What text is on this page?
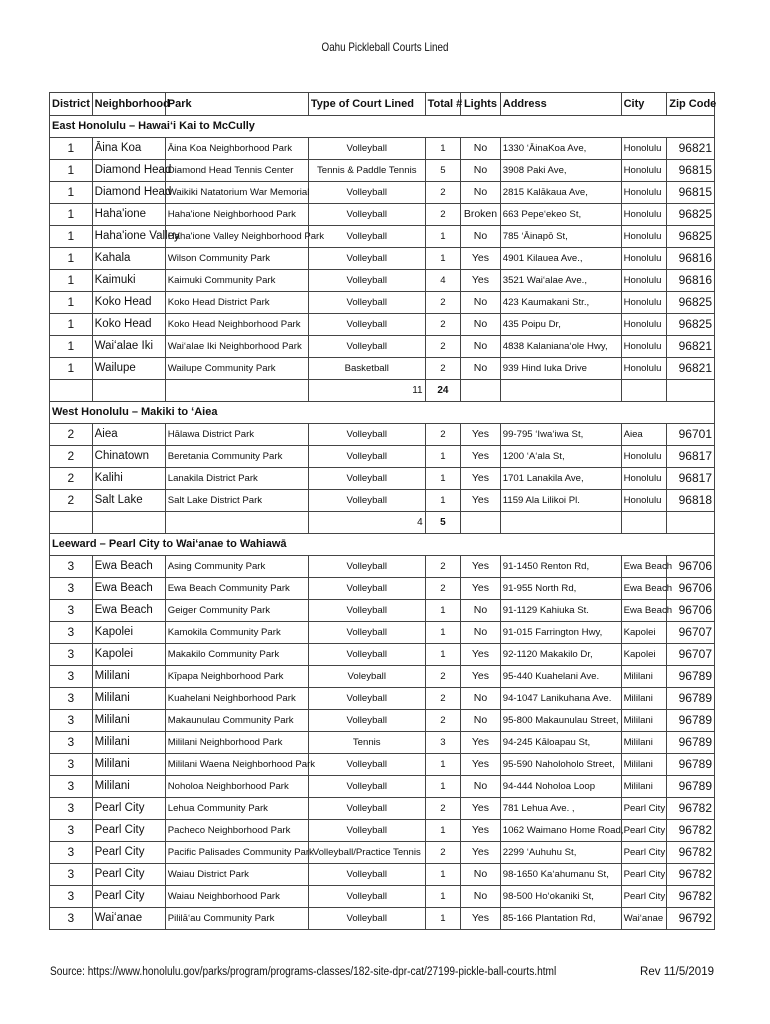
Oahu Pickleball Courts Lined
District	Neighborhood	Park	Type of Court Lined	Total #	Lights	Address	City	Zip Code
East Honolulu – Hawai‘i Kai to McCully								
1	Āina Koa	Āina Koa Neighborhood Park	Volleyball	1	No	1330 ʻĀinaKoa Ave,	Honolulu	96821
1	Diamond Head	Diamond Head Tennis Center	Tennis & Paddle Tennis	5	No	3908 Paki Ave,	Honolulu	96815
1	Diamond Head	Waikiki Natatorium War Memorial	Volleyball	2	No	2815 Kalākaua Ave,	Honolulu	96815
1	Haha'ione	Haha'ione Neighborhood Park	Volleyball	2	Broken	663 Pepeʻekeo St,	Honolulu	96825
1	Haha'ione Valley	Haha'ione Valley Neighborhood Park	Volleyball	1	No	785 ʻĀinapō St,	Honolulu	96825
1	Kahala	Wilson Community Park	Volleyball	1	Yes	4901 Kilauea Ave.,	Honolulu	96816
1	Kaimuki	Kaimuki Community Park	Volleyball	4	Yes	3521 Waiʻalae Ave.,	Honolulu	96816
1	Koko Head	Koko Head District Park	Volleyball	2	No	423 Kaumakani Str.,	Honolulu	96825
1	Koko Head	Koko Head Neighborhood Park	Volleyball	2	No	435 Poipu Dr,	Honolulu	96825
1	Waiʻalae Iki	Waiʻalae Iki Neighborhood Park	Volleyball	2	No	4838 Kalanianaʻole Hwy,	Honolulu	96821
1	Wailupe	Wailupe Community Park	Basketball	2	No	939 Hind Iuka Drive	Honolulu	96821
			11	24				
West Honolulu – Makiki to ʻAiea								
2	Aiea	Hālawa District Park	Volleyball	2	Yes	99-795 ʻIwaʻiwa St,	Aiea	96701
2	Chinatown	Beretania Community Park	Volleyball	1	Yes	1200 ʻAʻala St,	Honolulu	96817
2	Kalihi	Lanakila District Park	Volleyball	1	Yes	1701 Lanakila Ave,	Honolulu	96817
2	Salt Lake	Salt Lake District Park	Volleyball	1	Yes	1159 Ala Lilikoi Pl.	Honolulu	96818
			4	5				
Leeward – Pearl City to Waiʻanae to Wahiawā								
3	Ewa Beach	Asing Community Park	Volleyball	2	Yes	91-1450 Renton Rd,	Ewa Beach	96706
3	Ewa Beach	Ewa Beach Community Park	Volleyball	2	Yes	91-955 North Rd,	Ewa Beach	96706
3	Ewa Beach	Geiger Community Park	Volleyball	1	No	91-1129 Kahiuka St.	Ewa Beach	96706
3	Kapolei	Kamokila Community Park	Volleyball	1	No	91-015 Farrington Hwy,	Kapolei	96707
3	Kapolei	Makakilo Community Park	Volleyball	1	Yes	92-1120 Makakilo Dr,	Kapolei	96707
3	Mililani	Kīpapa Neighborhood Park	Voleyball	2	Yes	95-440 Kuahelani Ave.	Mililani	96789
3	Mililani	Kuahelani Neighborhood Park	Volleyball	2	No	94-1047 Lanikuhana Ave.	Mililani	96789
3	Mililani	Makaunulau Community Park	Volleyball	2	No	95-800 Makaunulau Street,	Mililani	96789
3	Mililani	Mililani Neighborhood Park	Tennis	3	Yes	94-245 Kāloapau St,	Mililani	96789
3	Mililani	Mililani Waena Neighborhood Park	Volleyball	1	Yes	95-590 Naholoholo Street,	Mililani	96789
3	Mililani	Noholoa Neighborhood Park	Volleyball	1	No	94-444 Noholoa Loop	Mililani	96789
3	Pearl City	Lehua Community Park	Volleyball	2	Yes	781 Lehua Ave. ,	Pearl City	96782
3	Pearl City	Pacheco Neighborhood Park	Volleyball	1	Yes	1062 Waimano Home Road,	Pearl City	96782
3	Pearl City	Pacific Palisades Community Park	Volleyball/Practice Tennis	2	Yes	2299 ʻAuhuhu St,	Pearl City	96782
3	Pearl City	Waiau District Park	Volleyball	1	No	98-1650 Kaʻahumanu St,	Pearl City	96782
3	Pearl City	Waiau Neighborhood Park	Volleyball	1	No	98-500 Hoʻokaniki St,	Pearl City	96782
3	Waiʻanae	Pililāʻau Community Park	Volleyball	1	Yes	85-166 Plantation Rd,	Waiʻanae	96792
Source: https://www.honolulu.gov/parks/program/programs-classes/182-site-dpr-cat/27199-pickle-ball-courts.html	Rev 11/5/2019
